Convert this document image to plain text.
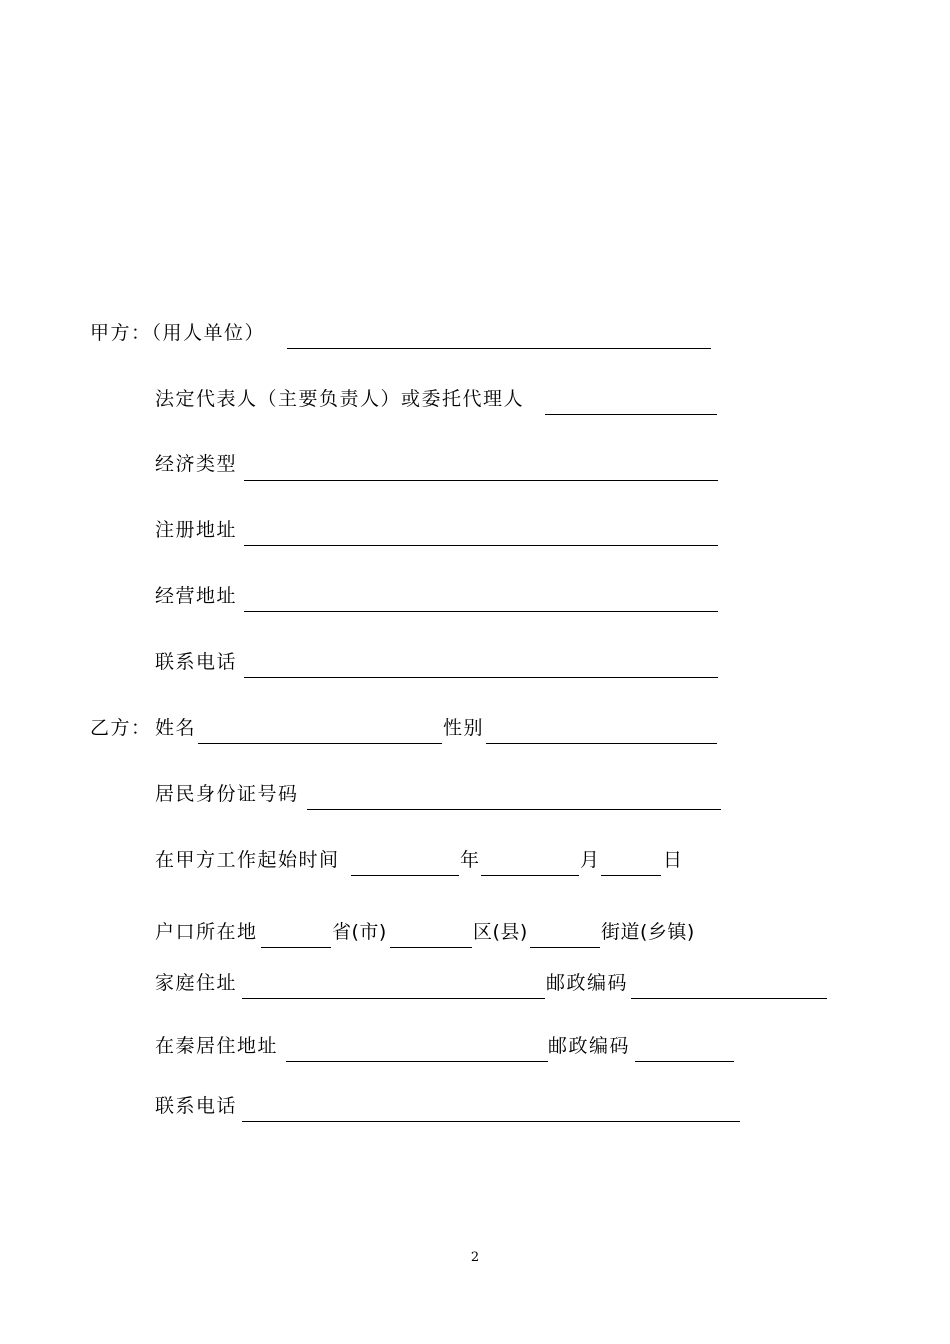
甲方：（用人单位）
法定代表人（主要负责人）或委托代理人
经济类型
注册地址
经营地址
联系电话
乙方： 姓名	性别
居民身份证号码
在甲方工作起始时间	年	月	日
户口所在地	省(市)	区(县)	街道(乡镇)
家庭住址	邮政编码
在秦居住地址	邮政编码
联系电话
2
